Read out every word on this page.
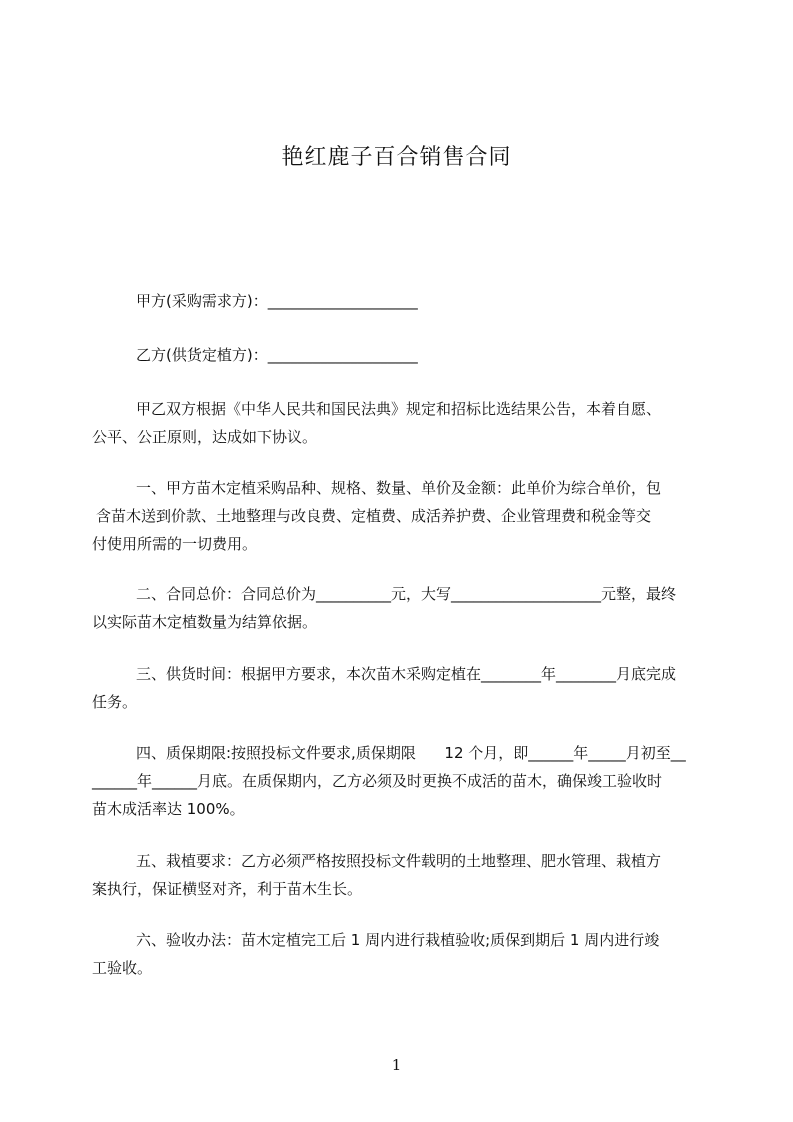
艳红鹿子百合销售合同
甲方(采购需求方)：____________________
乙方(供货定植方)：____________________
甲乙双方根据《中华人民共和国民法典》规定和招标比选结果公告，本着自愿、
公平、公正原则，达成如下协议。
一、甲方苗木定植采购品种、规格、数量、单价及金额：此单价为综合单价，包
含苗木送到价款、土地整理与改良费、定植费、成活养护费、企业管理费和税金等交
付使用所需的一切费用。
二、合同总价：合同总价为__________元，大写____________________元整，最终
以实际苗木定植数量为结算依据。
三、供货时间：根据甲方要求，本次苗木采购定植在________年________月底完成
任务。
四、质保期限:按照投标文件要求,质保期限      12 个月，即______年_____月初至__
______年______月底。在质保期内，乙方必须及时更换不成活的苗木，确保竣工验收时
苗木成活率达 100%。
五、栽植要求：乙方必须严格按照投标文件载明的土地整理、肥水管理、栽植方
案执行，保证横竖对齐，利于苗木生长。
六、验收办法：苗木定植完工后 1 周内进行栽植验收;质保到期后 1 周内进行竣
工验收。
1
